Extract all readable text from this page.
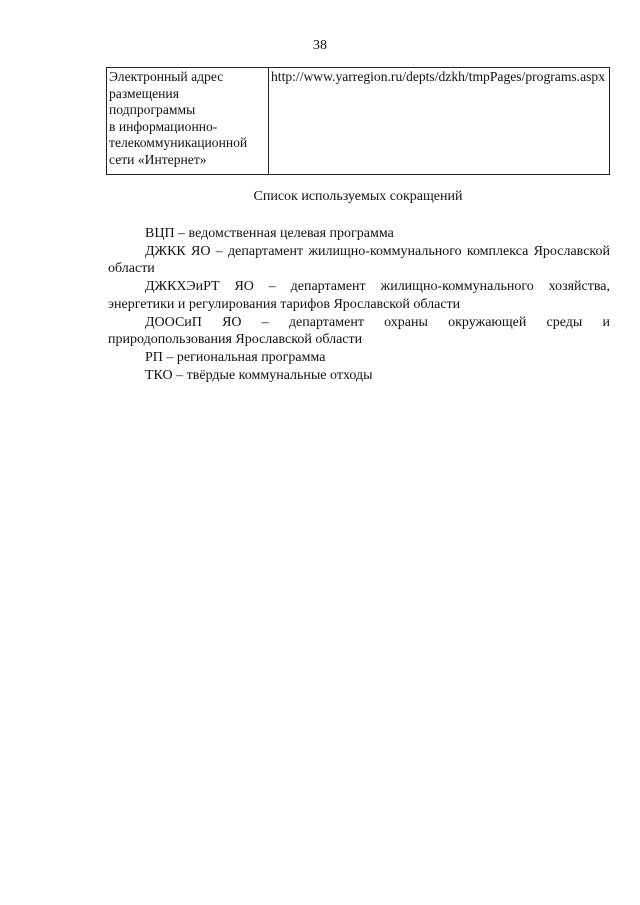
38
Электронный адрес
размещения
подпрограммы
в информационно-
телекоммуникационной
сети «Интернет»
	http://www.yarregion.ru/depts/dzkh/tmpPages/programs.aspx
Список используемых сокращений

ВЦП – ведомственная целевая программа

ДЖКК ЯО – департамент жилищно-коммунального комплекса Ярославской области

ДЖКХЭиРТ ЯО – департамент жилищно-коммунального хозяйства, энергетики и регулирования тарифов Ярославской области

ДООСиП ЯО – департамент охраны окружающей среды и природопользования Ярославской области

РП – региональная программа

ТКО – твёрдые коммунальные отходы
